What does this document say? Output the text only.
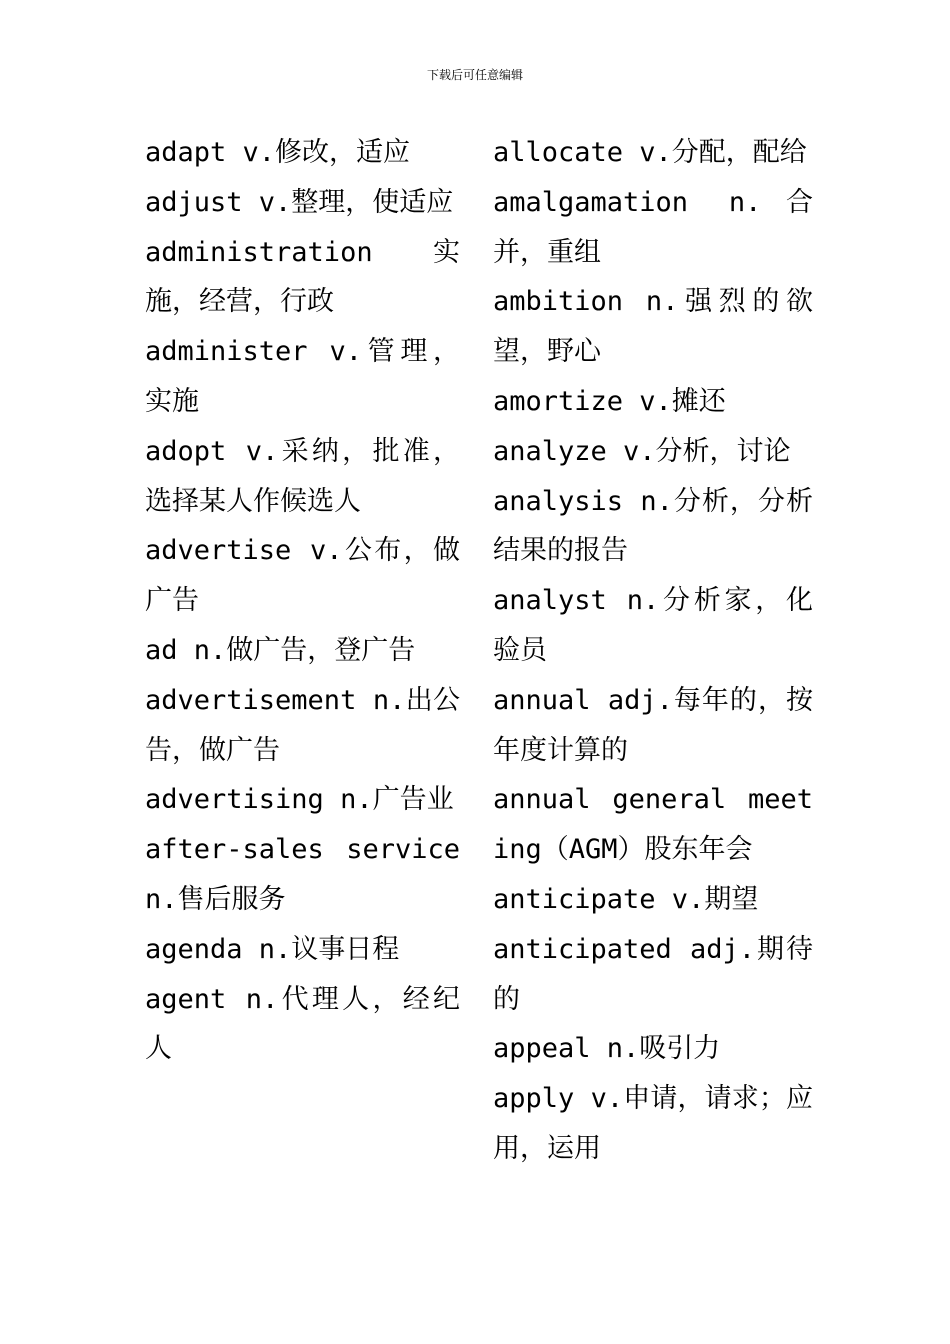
下载后可任意编辑

adapt v.修改，适应

adjust v.整理，使适应

administration 实施，经营，行政

administer v.管理，实施

adopt v.采纳，批准，选择某人作候选人

advertise v.公布，做广告

ad n.做广告，登广告

advertisement n.出公告，做广告

advertising n.广告业

after-sales service n.售后服务

agenda n.议事日程

agent n.代理人，经纪人

allocate v.分配，配给

amalgamation n.合并，重组

ambition n.强烈的欲望，野心

amortize v.摊还

analyze v.分析，讨论

analysis n.分析，分析结果的报告

analyst n.分析家，化验员

annual adj.每年的，按年度计算的

annual general meeting（AGM）股东年会

anticipate v.期望

anticipated adj.期待的

appeal n.吸引力

apply v.申请，请求；应用，运用
